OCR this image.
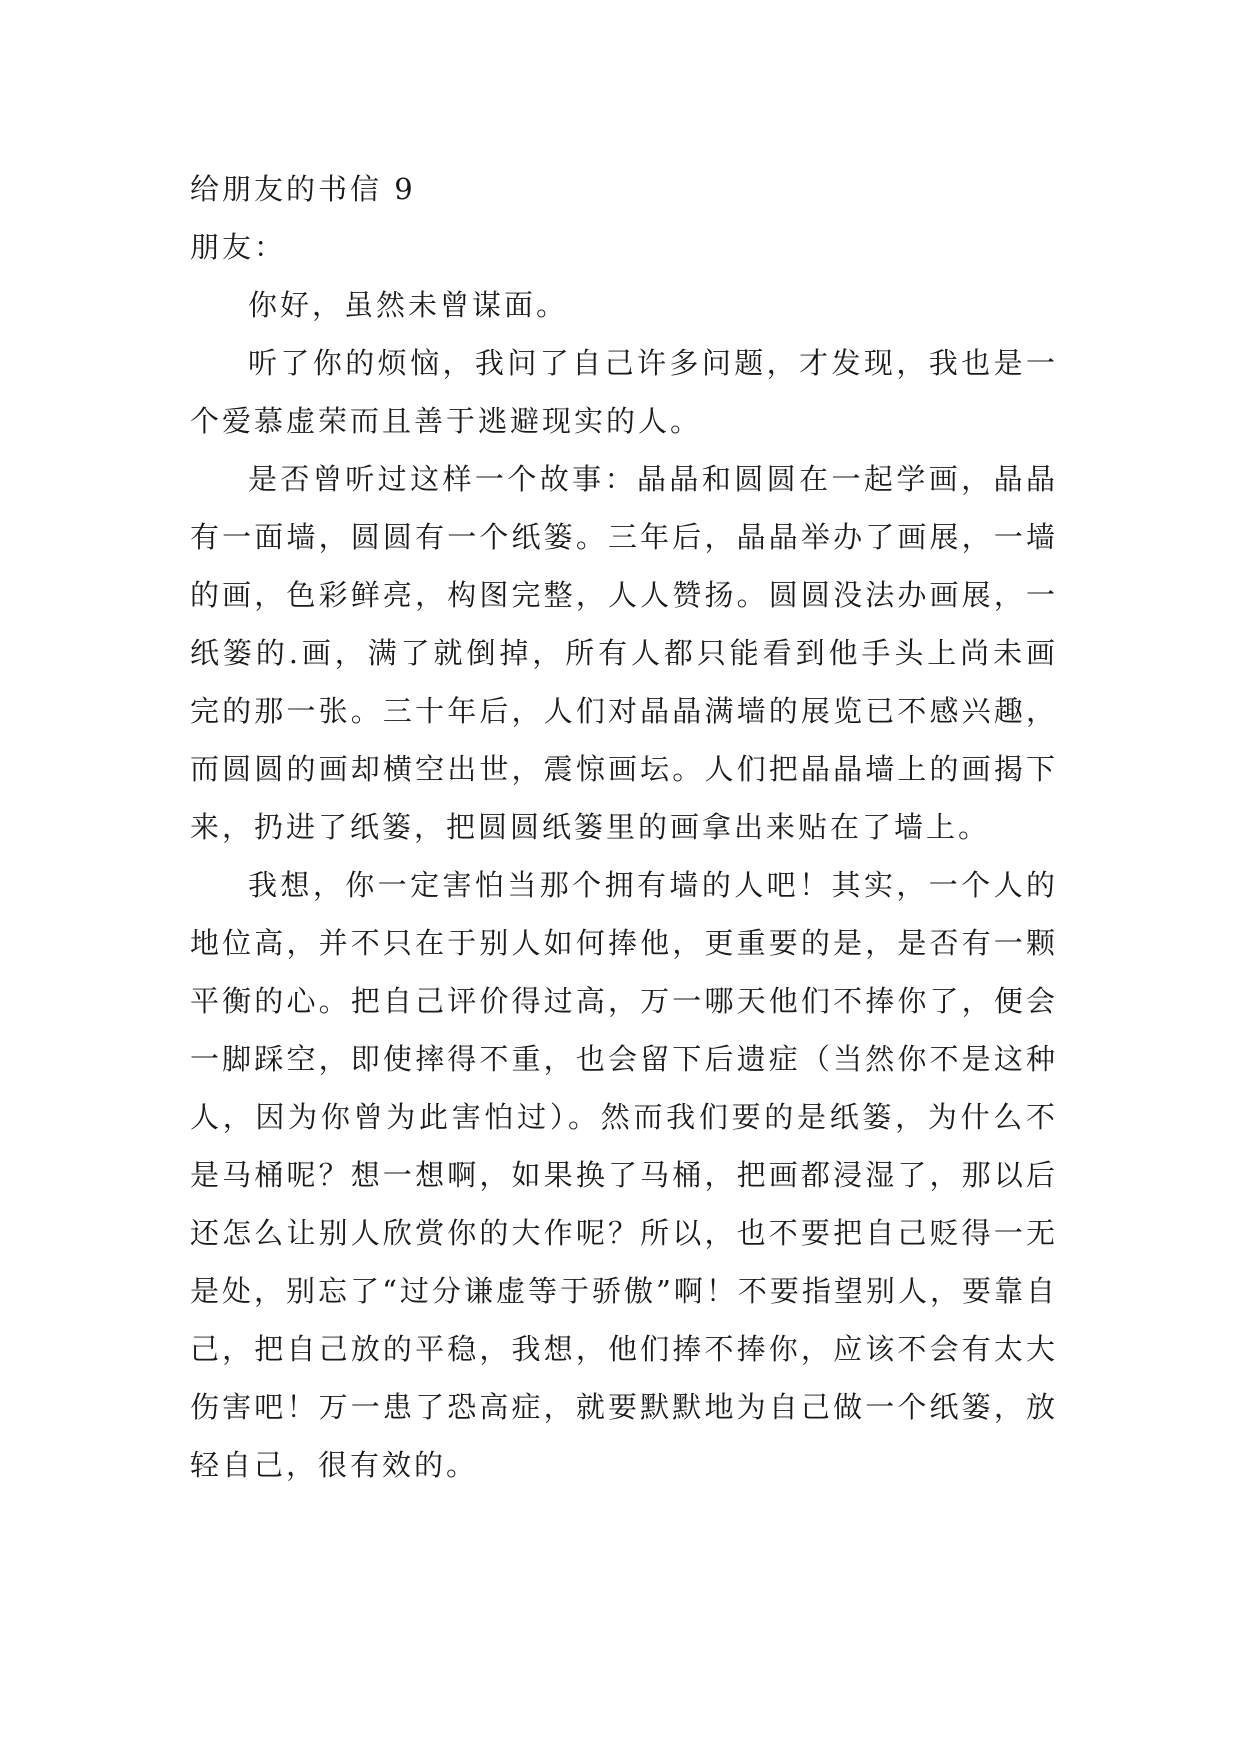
给朋友的书信 9

朋友：

你好，虽然未曾谋面。

听了你的烦恼，我问了自己许多问题，才发现，我也是一个爱慕虚荣而且善于逃避现实的人。

是否曾听过这样一个故事：晶晶和圆圆在一起学画，晶晶有一面墙，圆圆有一个纸篓。三年后，晶晶举办了画展，一墙的画，色彩鲜亮，构图完整，人人赞扬。圆圆没法办画展，一纸篓的.画，满了就倒掉，所有人都只能看到他手头上尚未画完的那一张。三十年后，人们对晶晶满墙的展览已不感兴趣，而圆圆的画却横空出世，震惊画坛。人们把晶晶墙上的画揭下来，扔进了纸篓，把圆圆纸篓里的画拿出来贴在了墙上。

我想，你一定害怕当那个拥有墙的人吧！其实，一个人的地位高，并不只在于别人如何捧他，更重要的是，是否有一颗平衡的心。把自己评价得过高，万一哪天他们不捧你了，便会一脚踩空，即使摔得不重，也会留下后遗症（当然你不是这种人，因为你曾为此害怕过）。然而我们要的是纸篓，为什么不是马桶呢？想一想啊，如果换了马桶，把画都浸湿了，那以后还怎么让别人欣赏你的大作呢？所以，也不要把自己贬得一无是处，别忘了“过分谦虚等于骄傲”啊！不要指望别人，要靠自己，把自己放的平稳，我想，他们捧不捧你，应该不会有太大伤害吧！万一患了恐高症，就要默默地为自己做一个纸篓，放轻自己，很有效的。
